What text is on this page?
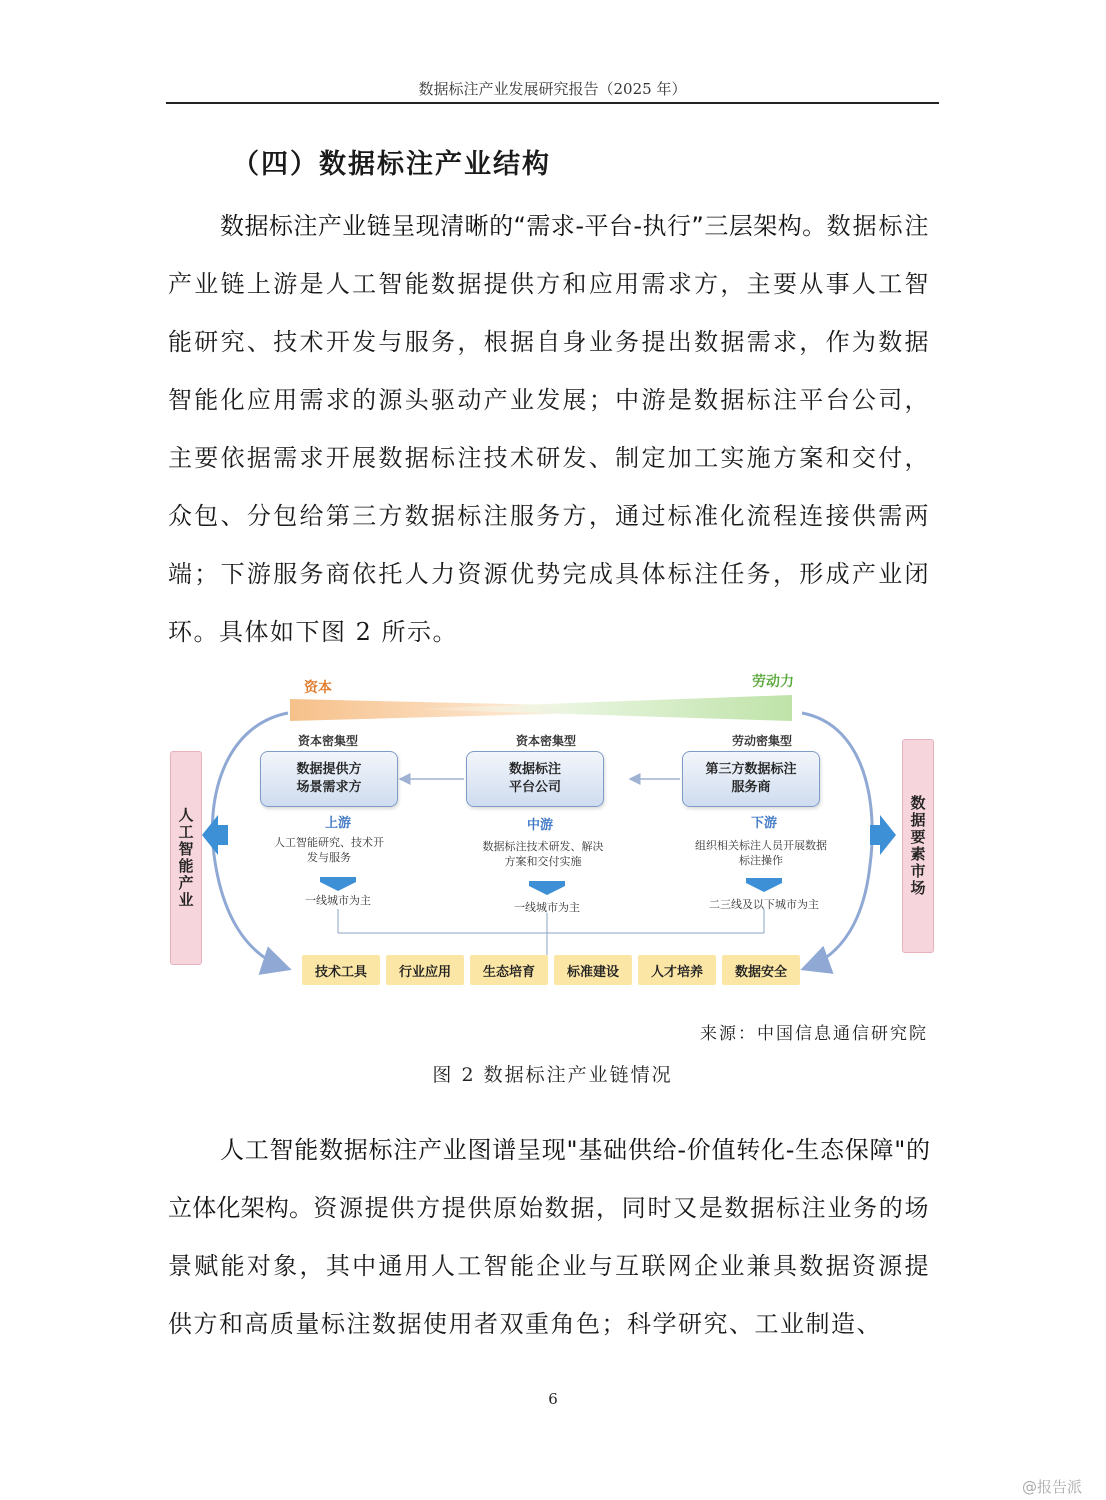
数据标注产业发展研究报告（2025 年）
（四）数据标注产业结构

数据标注产业链呈现清晰的“需求-平台-执行”三层架构。数据标注产业链上游是人工智能数据提供方和应用需求方，主要从事人工智能研究、技术开发与服务，根据自身业务提出数据需求，作为数据智能化应用需求的源头驱动产业发展；中游是数据标注平台公司，主要依据需求开展数据标注技术研发、制定加工实施方案和交付，众包、分包给第三方数据标注服务方，通过标准化流程连接供需两端；下游服务商依托人力资源优势完成具体标注任务，形成产业闭环。具体如下图 2 所示。

资本	劳动力
资本密集型	资本密集型	劳动密集型
数据提供方
场景需求方
数据标注
平台公司
第三方数据标注
服务商
上游	中游	下游
人工智能研究、技术开
发与服务
数据标注技术研发、解决
方案和交付实施
组织相关标注人员开展数据
标注操作
一线城市为主
一线城市为主	二三线及以下城市为主
人工智能产业	数据要素市场
技术工具	行业应用	生态培育	标准建设	人才培养	数据安全
来源：中国信息通信研究院
图 2 数据标注产业链情况

人工智能数据标注产业图谱呈现"基础供给-价值转化-生态保障"的立体化架构。资源提供方提供原始数据，同时又是数据标注业务的场景赋能对象，其中通用人工智能企业与互联网企业兼具数据资源提供方和高质量标注数据使用者双重角色；科学研究、工业制造、

6
@报告派
